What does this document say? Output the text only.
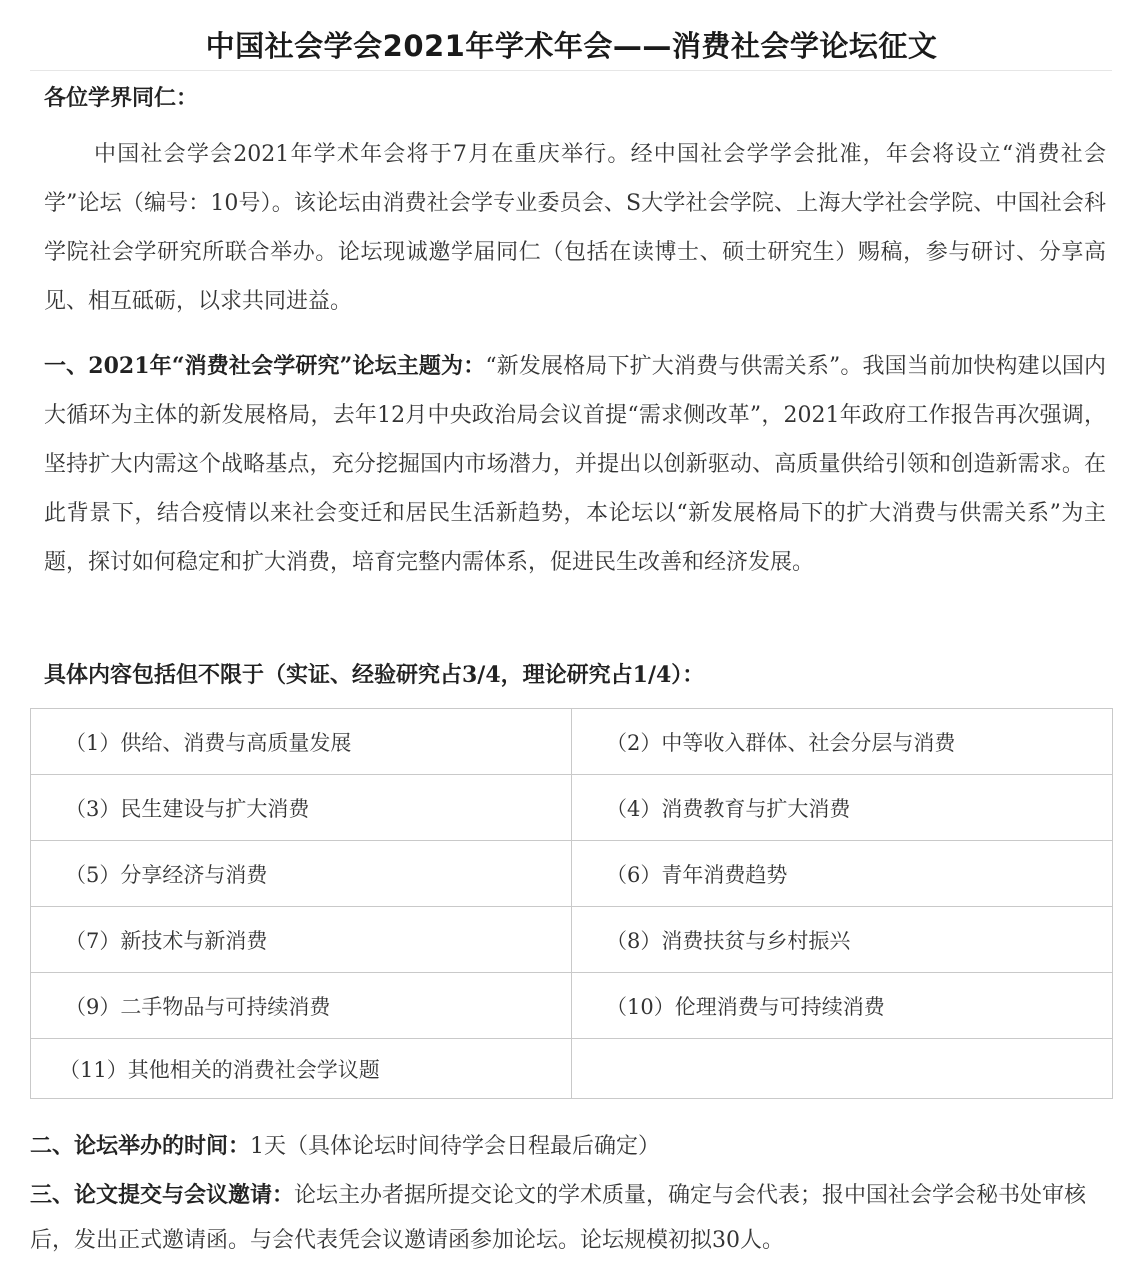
中国社会学会2021年学术年会——消费社会学论坛征文
各位学界同仁：

中国社会学会2021年学术年会将于7月在重庆举行。经中国社会学学会批准，年会将设立“消费社会学”论坛（编号：10号）。该论坛由消费社会学专业委员会、S大学社会学院、上海大学社会学院、中国社会科学院社会学研究所联合举办。论坛现诚邀学届同仁（包括在读博士、硕士研究生）赐稿，参与研讨、分享高见、相互砥砺，以求共同进益。

一、2021年“消费社会学研究”论坛主题为：“新发展格局下扩大消费与供需关系”。我国当前加快构建以国内大循环为主体的新发展格局，去年12月中央政治局会议首提“需求侧改革”，2021年政府工作报告再次强调，坚持扩大内需这个战略基点，充分挖掘国内市场潜力，并提出以创新驱动、高质量供给引领和创造新需求。在此背景下，结合疫情以来社会变迁和居民生活新趋势，本论坛以“新发展格局下的扩大消费与供需关系”为主题，探讨如何稳定和扩大消费，培育完整内需体系，促进民生改善和经济发展。

具体内容包括但不限于（实证、经验研究占3/4，理论研究占1/4）：
（1）供给、消费与高质量发展	（2）中等收入群体、社会分层与消费
（3）民生建设与扩大消费	（4）消费教育与扩大消费
（5）分享经济与消费	（6）青年消费趋势
（7）新技术与新消费	（8）消费扶贫与乡村振兴
（9）二手物品与可持续消费	（10）伦理消费与可持续消费
（11）其他相关的消费社会学议题	

二、论坛举办的时间：1天（具体论坛时间待学会日程最后确定）

三、论文提交与会议邀请：论坛主办者据所提交论文的学术质量，确定与会代表；报中国社会学会秘书处审核后，发出正式邀请函。与会代表凭会议邀请函参加论坛。论坛规模初拟30人。
